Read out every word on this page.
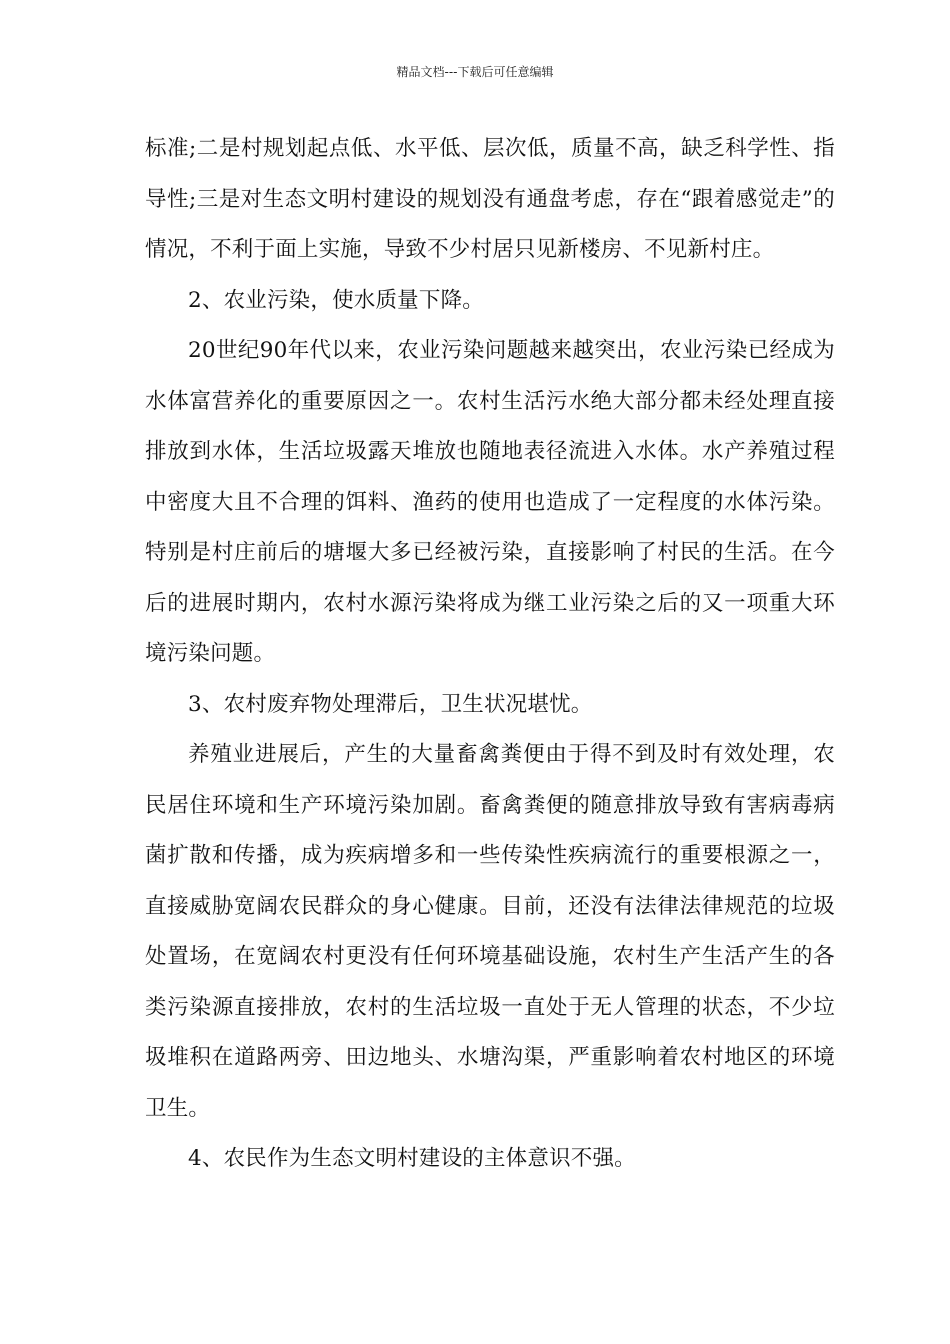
精品文档---下载后可任意编辑

标准;二是村规划起点低、水平低、层次低，质量不高，缺乏科学性、指导性;三是对生态文明村建设的规划没有通盘考虑，存在“跟着感觉走”的情况，不利于面上实施，导致不少村居只见新楼房、不见新村庄。

2、农业污染，使水质量下降。

20世纪90年代以来，农业污染问题越来越突出，农业污染已经成为水体富营养化的重要原因之一。农村生活污水绝大部分都未经处理直接排放到水体，生活垃圾露天堆放也随地表径流进入水体。水产养殖过程中密度大且不合理的饵料、渔药的使用也造成了一定程度的水体污染。特别是村庄前后的塘堰大多已经被污染，直接影响了村民的生活。在今后的进展时期内，农村水源污染将成为继工业污染之后的又一项重大环境污染问题。

3、农村废弃物处理滞后，卫生状况堪忧。

养殖业进展后，产生的大量畜禽粪便由于得不到及时有效处理，农民居住环境和生产环境污染加剧。畜禽粪便的随意排放导致有害病毒病菌扩散和传播，成为疾病增多和一些传染性疾病流行的重要根源之一，直接威胁宽阔农民群众的身心健康。目前，还没有法律法律规范的垃圾处置场，在宽阔农村更没有任何环境基础设施，农村生产生活产生的各类污染源直接排放，农村的生活垃圾一直处于无人管理的状态，不少垃圾堆积在道路两旁、田边地头、水塘沟渠，严重影响着农村地区的环境卫生。

4、农民作为生态文明村建设的主体意识不强。
